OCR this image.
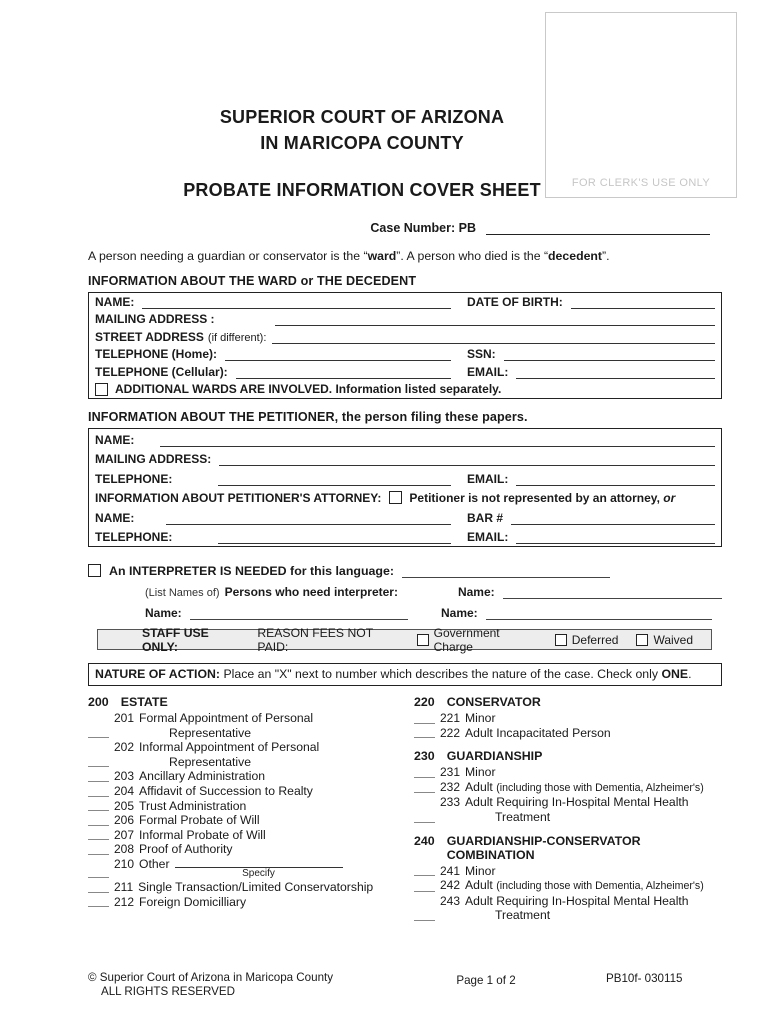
FOR CLERK'S USE ONLY
SUPERIOR COURT OF ARIZONA
IN MARICOPA COUNTY
PROBATE INFORMATION COVER SHEET
Case Number: PB
A person needing a guardian or conservator is the “ward”. A person who died is the “decedent”.
INFORMATION ABOUT THE WARD or THE DECEDENT
NAME:	DATE OF BIRTH:
MAILING ADDRESS :
STREET ADDRESS (if different):
TELEPHONE (Home):	SSN:
TELEPHONE (Cellular):	EMAIL:
ADDITIONAL WARDS ARE INVOLVED. Information listed separately.
INFORMATION ABOUT THE PETITIONER, the person filing these papers.
NAME:
MAILING ADDRESS:
TELEPHONE:	EMAIL:
INFORMATION ABOUT PETITIONER'S ATTORNEY: Petitioner is not represented by an attorney, or
NAME:	BAR #
TELEPHONE:	EMAIL:
An INTERPRETER IS NEEDED for this language:
(List Names of) Persons who need interpreter:	Name:
Name:	Name:
STAFF USE ONLY:
REASON FEES NOT PAID:
Government Charge	Deferred	Waived
NATURE OF ACTION: Place an "X" next to number which describes the nature of the case. Check only ONE.
200 ESTATE
201 Formal Appointment of Personal
Representative
202 Informal Appointment of Personal
Representative
203 Ancillary Administration
204 Affidavit of Succession to Realty
205 Trust Administration
206 Formal Probate of Will
207 Informal Probate of Will
208 Proof of Authority
210 Other
Specify
211 Single Transaction/Limited Conservatorship
212 Foreign Domicilliary
220 CONSERVATOR
221 Minor
222 Adult Incapacitated Person
230 GUARDIANSHIP
231 Minor
232 Adult (including those with Dementia, Alzheimer's)
233 Adult Requiring In-Hospital Mental Health
Treatment
240 GUARDIANSHIP-CONSERVATOR COMBINATION
241 Minor
242 Adult (including those with Dementia, Alzheimer's)
243 Adult Requiring In-Hospital Mental Health
Treatment
© Superior Court of Arizona in Maricopa County
ALL RIGHTS RESERVED
Page 1 of 2	PB10f- 030115
